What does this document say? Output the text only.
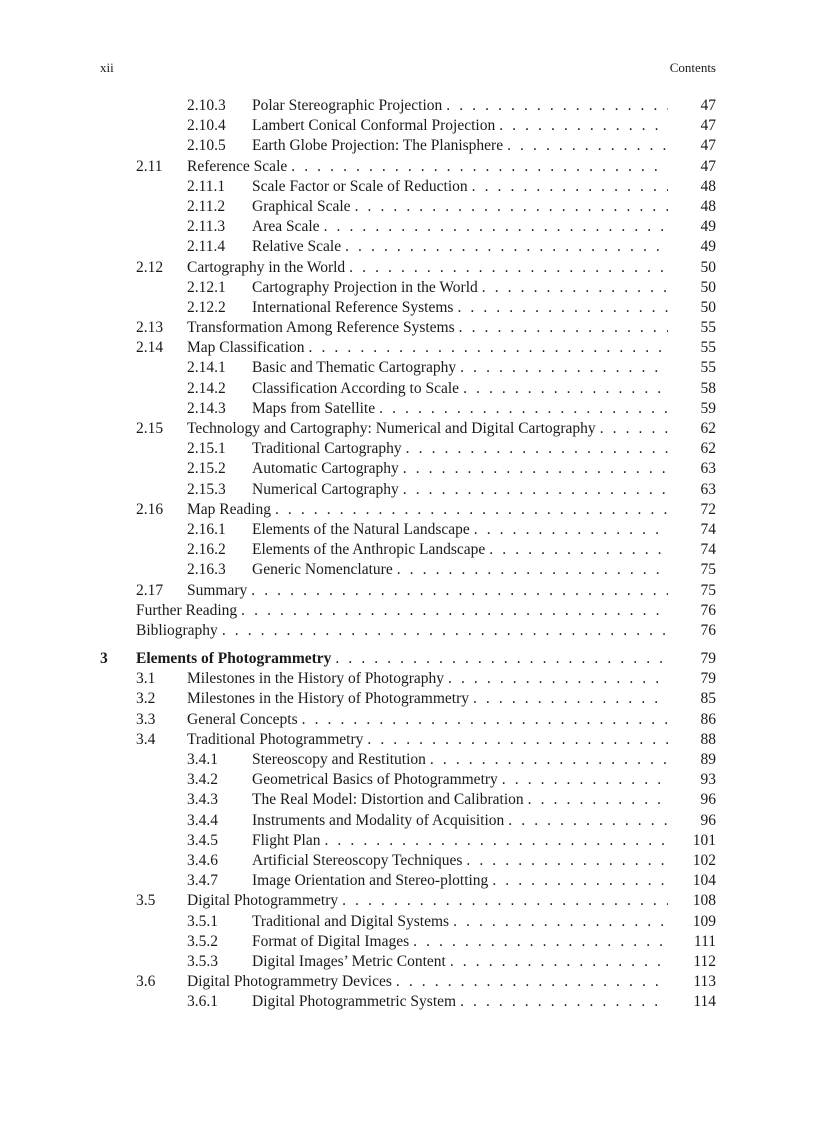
xii	Contents
2.10.3 Polar Stereographic Projection . . .	47
2.10.4 Lambert Conical Conformal Projection . . .	47
2.10.5 Earth Globe Projection: The Planisphere . . .	47
2.11 Reference Scale . . .	47
2.11.1 Scale Factor or Scale of Reduction . . .	48
2.11.2 Graphical Scale . . .	48
2.11.3 Area Scale . . .	49
2.11.4 Relative Scale . . .	49
2.12 Cartography in the World . . .	50
2.12.1 Cartography Projection in the World . . .	50
2.12.2 International Reference Systems . . .	50
2.13 Transformation Among Reference Systems . . .	55
2.14 Map Classification . . .	55
2.14.1 Basic and Thematic Cartography . . .	55
2.14.2 Classification According to Scale . . .	58
2.14.3 Maps from Satellite . . .	59
2.15 Technology and Cartography: Numerical and Digital Cartography . . .	62
2.15.1 Traditional Cartography . . .	62
2.15.2 Automatic Cartography . . .	63
2.15.3 Numerical Cartography . . .	63
2.16 Map Reading . . .	72
2.16.1 Elements of the Natural Landscape . . .	74
2.16.2 Elements of the Anthropic Landscape . . .	74
2.16.3 Generic Nomenclature . . .	75
2.17 Summary . . .	75
Further Reading . . .	76
Bibliography . . .	76
3 Elements of Photogrammetry . . .	79
3.1 Milestones in the History of Photography . . .	79
3.2 Milestones in the History of Photogrammetry . . .	85
3.3 General Concepts . . .	86
3.4 Traditional Photogrammetry . . .	88
3.4.1 Stereoscopy and Restitution . . .	89
3.4.2 Geometrical Basics of Photogrammetry . . .	93
3.4.3 The Real Model: Distortion and Calibration . . .	96
3.4.4 Instruments and Modality of Acquisition . . .	96
3.4.5 Flight Plan . . .	101
3.4.6 Artificial Stereoscopy Techniques . . .	102
3.4.7 Image Orientation and Stereo-plotting . . .	104
3.5 Digital Photogrammetry . . .	108
3.5.1 Traditional and Digital Systems . . .	109
3.5.2 Format of Digital Images . . .	111
3.5.3 Digital Images’ Metric Content . . .	112
3.6 Digital Photogrammetry Devices . . .	113
3.6.1 Digital Photogrammetric System . . .	114
